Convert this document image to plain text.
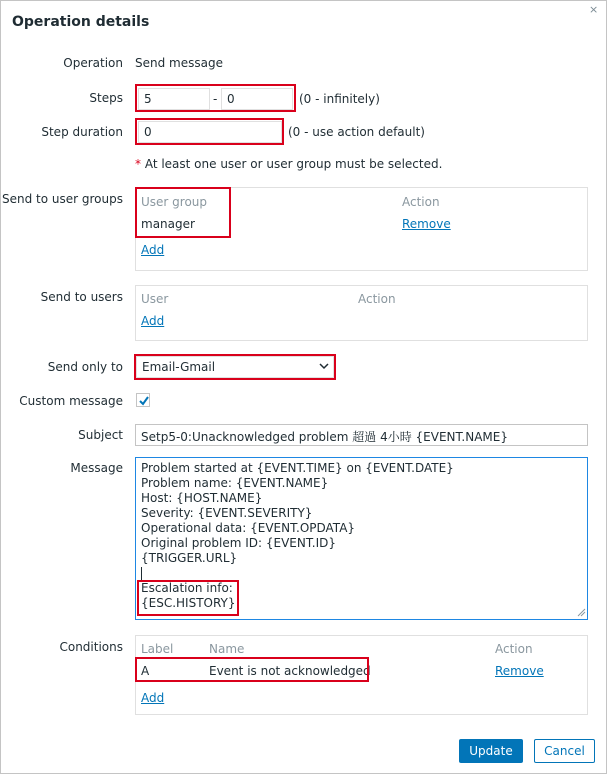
Operation details
×
Operation Send message
Steps	5	- 0	(0 - infinitely)
Step duration	0	(0 - use action default)
* At least one user or user group must be selected.
Send to user groups User group	Action
manager	Remove
Add
Send to users User	Action
Add
Send only to	Email-Gmail
Custom message
Subject	Setp5-0:Unacknowledged problem 超過 4小時 {EVENT.NAME}
Message Problem started at {EVENT.TIME} on {EVENT.DATE}
Problem name: {EVENT.NAME}
Host: {HOST.NAME}
Severity: {EVENT.SEVERITY}
Operational data: {EVENT.OPDATA}
Original problem ID: {EVENT.ID}
{TRIGGER.URL}
Escalation info:
{ESC.HISTORY}
Conditions Label	Name	Action
A	Event is not acknowledged	Remove
Add
Update	Cancel
